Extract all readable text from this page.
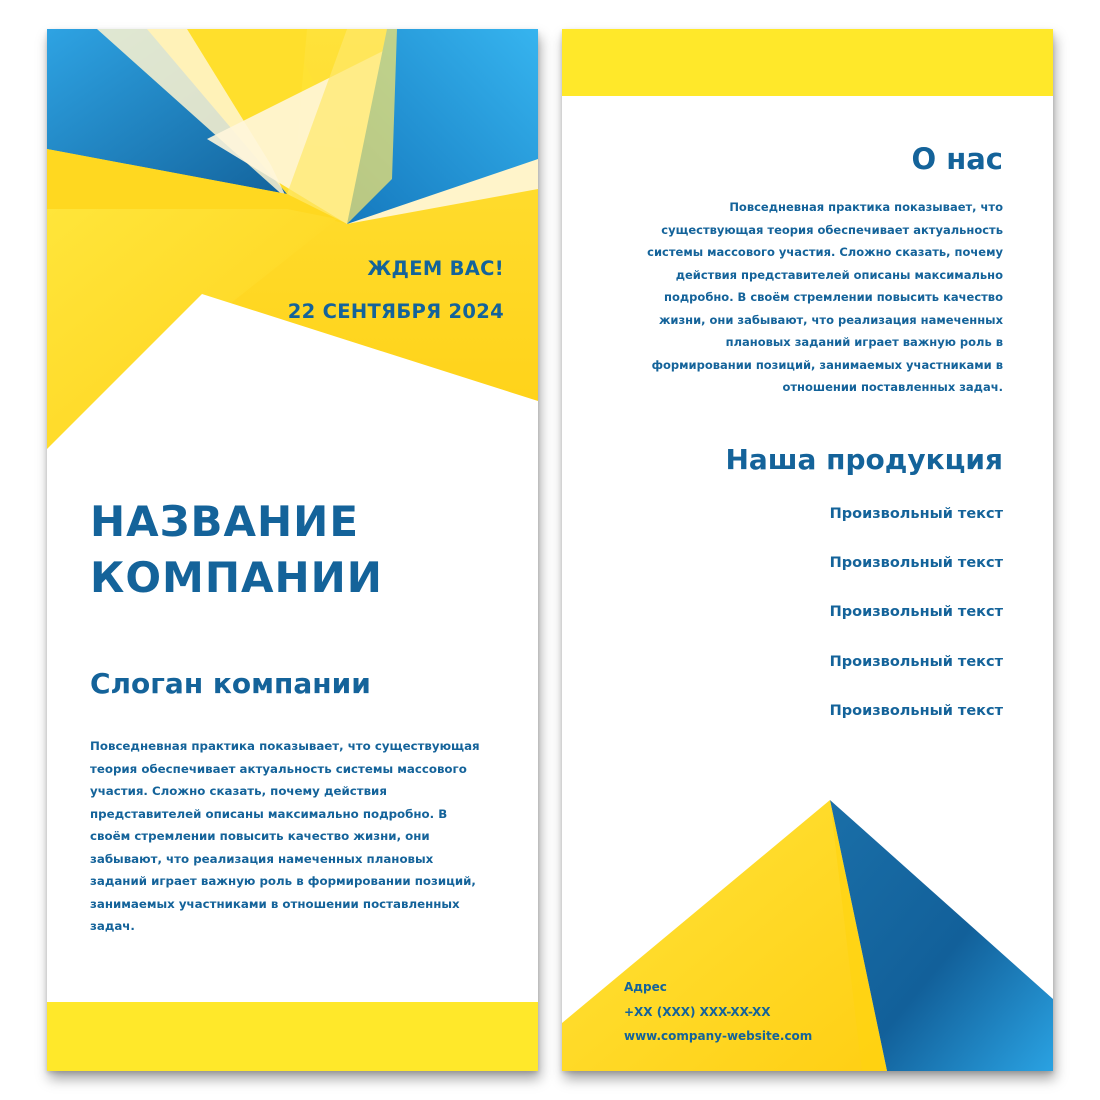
ЖДЕМ ВАС!
22 СЕНТЯБРЯ 2024
НАЗВАНИЕ
КОМПАНИИ
Слоган компании
Повседневная практика показывает, что существующая
теория обеспечивает актуальность системы массового
участия. Сложно сказать, почему действия
представителей описаны максимально подробно. В
своём стремлении повысить качество жизни, они
забывают, что реализация намеченных плановых
заданий играет важную роль в формировании позиций,
занимаемых участниками в отношении поставленных
задач.
О нас
Повседневная практика показывает, что
существующая теория обеспечивает актуальность
системы массового участия. Сложно сказать, почему
действия представителей описаны максимально
подробно. В своём стремлении повысить качество
жизни, они забывают, что реализация намеченных
плановых заданий играет важную роль в
формировании позиций, занимаемых участниками в
отношении поставленных задач.
Наша продукция
Произвольный текст
Произвольный текст
Произвольный текст
Произвольный текст
Произвольный текст
Адрес
+XX (XXX) XXX-XX-XX
www.company-website.com
